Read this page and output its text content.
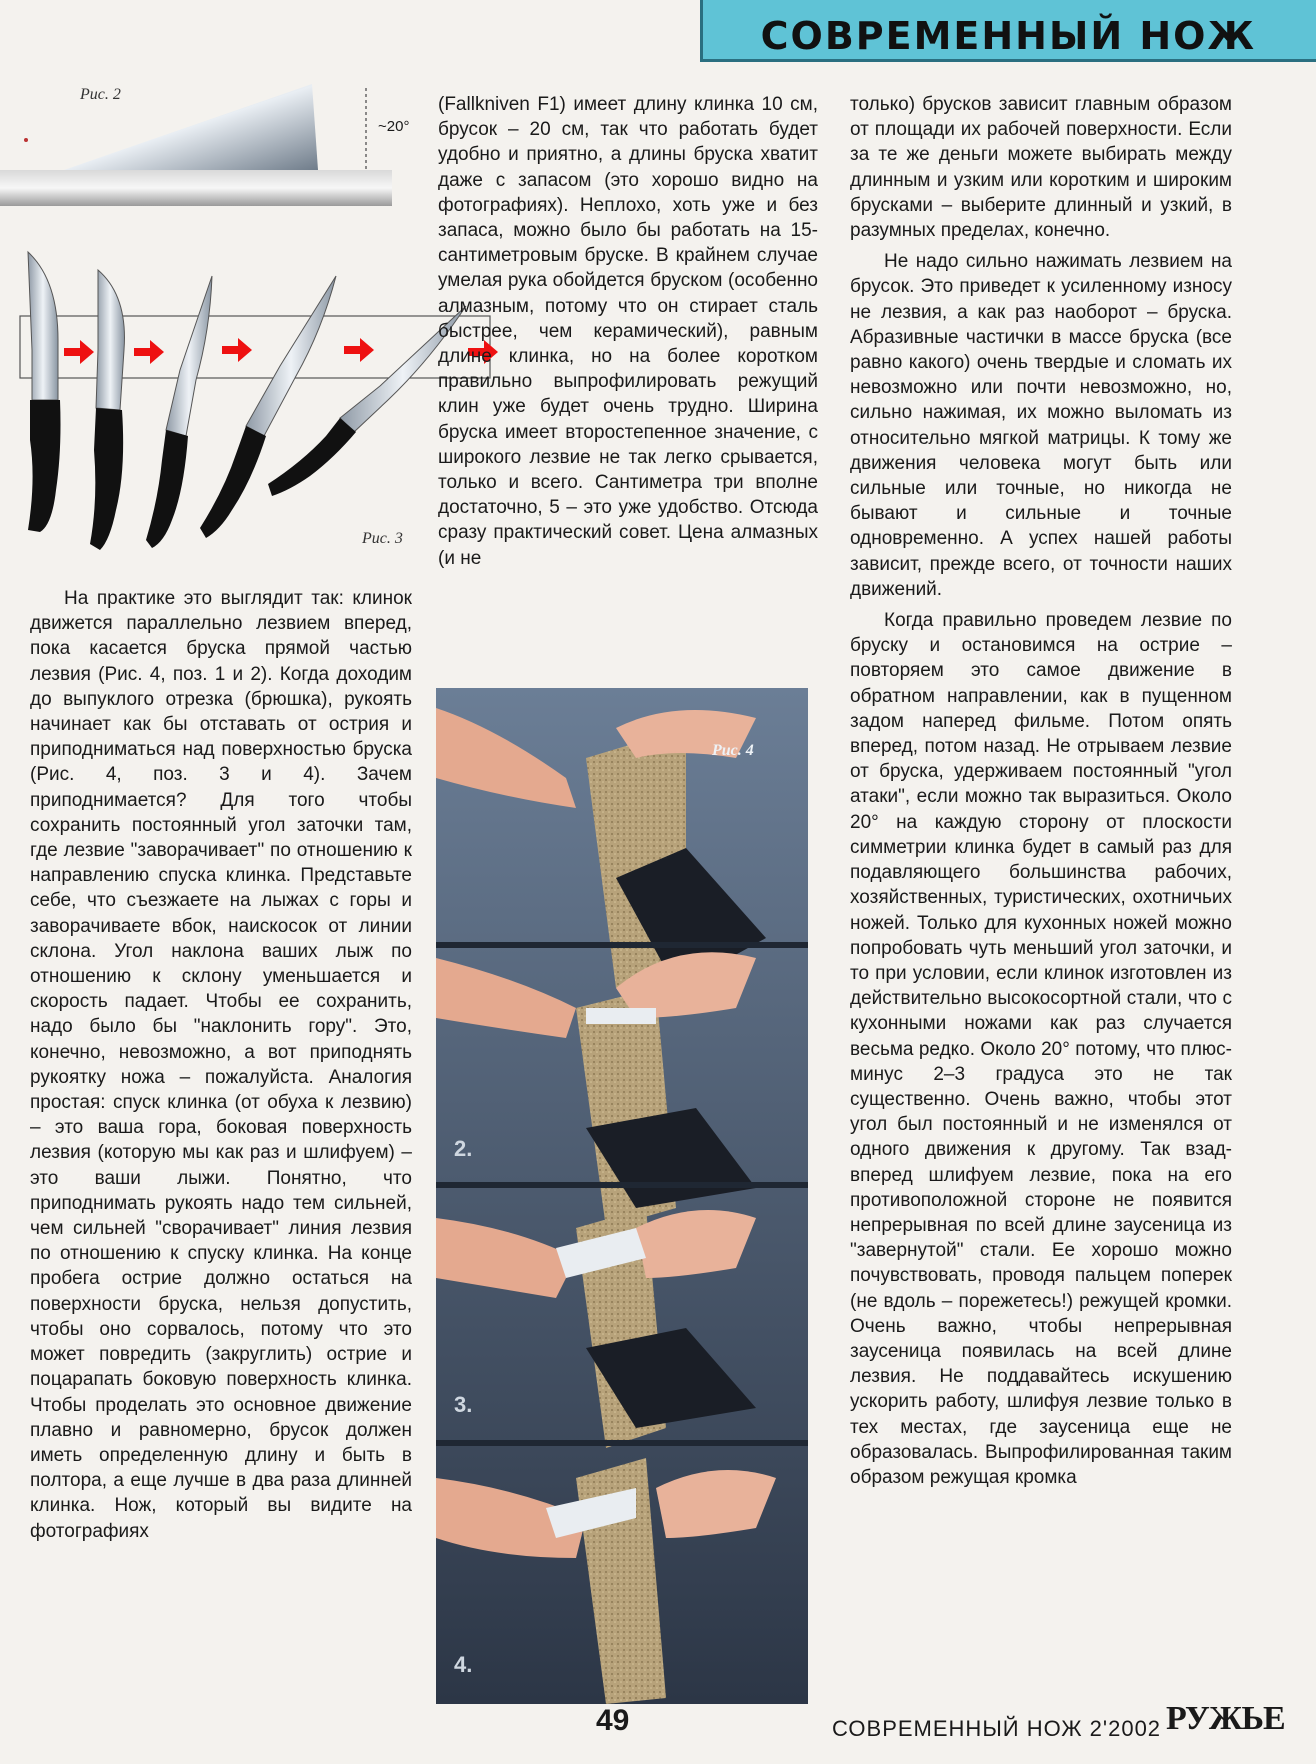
СОВРЕМЕННЫЙ НОЖ
Рис. 2
~20°
Рис. 3

На практике это выглядит так: клинок движется параллельно лезвием вперед, пока касается бруска прямой частью лезвия (Рис. 4, поз. 1 и 2). Когда доходим до выпуклого отрезка (брюшка), рукоять начинает как бы отставать от острия и приподниматься над поверхностью бруска (Рис. 4, поз. 3 и 4). Зачем приподнимается? Для того чтобы сохранить постоянный угол заточки там, где лезвие "заворачивает" по отношению к направлению спуска клинка. Представьте себе, что съезжаете на лыжах с горы и заворачиваете вбок, наискосок от линии склона. Угол наклона ваших лыж по отношению к склону уменьшается и скорость падает. Чтобы ее сохранить, надо было бы "наклонить гору". Это, конечно, невозможно, а вот приподнять рукоятку ножа – пожалуйста. Аналогия простая: спуск клинка (от обуха к лезвию) – это ваша гора, боковая поверхность лезвия (которую мы как раз и шлифуем) – это ваши лыжи. Понятно, что приподнимать рукоять надо тем сильней, чем сильней "сворачивает" линия лезвия по отношению к спуску клинка. На конце пробега острие должно остаться на поверхности бруска, нельзя допустить, чтобы оно сорвалось, потому что это может повредить (закруглить) острие и поцарапать боковую поверхность клинка. Чтобы проделать это основное движение плавно и равномерно, брусок должен иметь определенную длину и быть в полтора, а еще лучше в два раза длинней клинка. Нож, который вы видите на фотографиях

(Fallkniven F1) имеет длину клинка 10 см, брусок – 20 см, так что работать будет удобно и приятно, а длины бруска хватит даже с запасом (это хорошо видно на фотографиях). Неплохо, хоть уже и без запаса, можно было бы работать на 15-сантиметровым бруске. В крайнем случае умелая рука обойдется бруском (особенно алмазным, потому что он стирает сталь быстрее, чем керамический), равным длине клинка, но на более коротком правильно выпрофилировать режущий клин уже будет очень трудно. Ширина бруска имеет второстепенное значение, с широкого лезвие не так легко срывается, только и всего. Сантиметра три вполне достаточно, 5 – это уже удобство. Отсюда сразу практический совет. Цена алмазных (и не

только) брусков зависит главным образом от площади их рабочей поверхности. Если за те же деньги можете выбирать между длинным и узким или коротким и широким брусками – выберите длинный и узкий, в разумных пределах, конечно.

Не надо сильно нажимать лезвием на брусок. Это приведет к усиленному износу не лезвия, а как раз наоборот – бруска. Абразивные частички в массе бруска (все равно какого) очень твердые и сломать их невозможно или почти невозможно, но, сильно нажимая, их можно выломать из относительно мягкой матрицы. К тому же движения человека могут быть или сильные или точные, но никогда не бывают и сильные и точные одновременно. А успех нашей работы зависит, прежде всего, от точности наших движений.

Когда правильно проведем лезвие по бруску и остановимся на острие – повторяем это самое движение в обратном направлении, как в пущенном задом наперед фильме. Потом опять вперед, потом назад. Не отрываем лезвие от бруска, удерживаем постоянный "угол атаки", если можно так выразиться. Около 20° на каждую сторону от плоскости симметрии клинка будет в самый раз для подавляющего большинства рабочих, хозяйственных, туристических, охотничьих ножей. Только для кухонных ножей можно попробовать чуть меньший угол заточки, и то при условии, если клинок изготовлен из действительно высокосортной стали, что с кухонными ножами как раз случается весьма редко. Около 20° потому, что плюс-минус 2–3 градуса это не так существенно. Очень важно, чтобы этот угол был постоянный и не изменялся от одного движения к другому. Так взад-вперед шлифуем лезвие, пока на его противоположной стороне не появится непрерывная по всей длине заусеница из "завернутой" стали. Ее хорошо можно почувствовать, проводя пальцем поперек (не вдоль – порежетесь!) режущей кромки. Очень важно, чтобы непрерывная заусеница появилась на всей длине лезвия. Не поддавайтесь искушению ускорить работу, шлифуя лезвие только в тех местах, где заусеница еще не образовалась. Выпрофилированная таким образом режущая кромка

2.
3.
4.
Рис. 4
49	СОВРЕМЕННЫЙ НОЖ 2'2002 РУЖЬЕ
